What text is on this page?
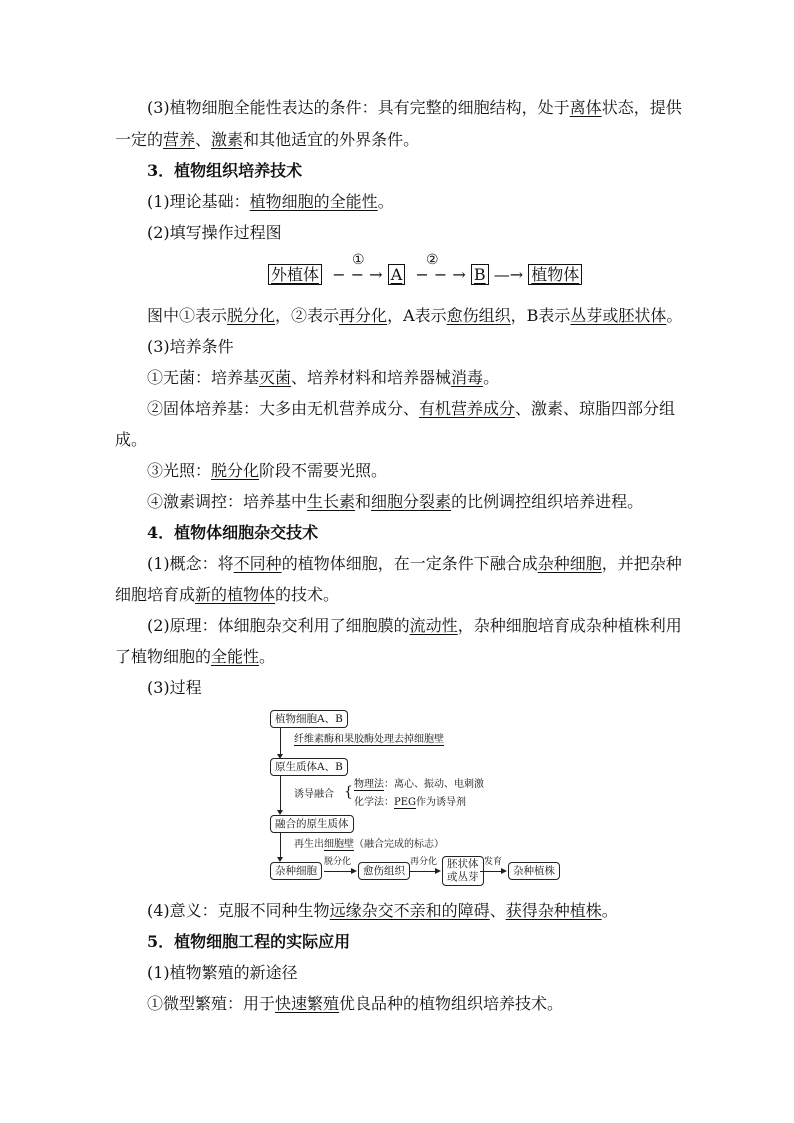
(3)植物细胞全能性表达的条件：具有完整的细胞结构，处于离体状态，提供
一定的营养、激素和其他适宜的外界条件。
3．植物组织培养技术
(1)理论基础：植物细胞的全能性。
(2)填写操作过程图
①	②
外植体  − − → A  − − → B —→ 植物体
图中①表示脱分化，②表示再分化，A表示愈伤组织，B表示丛芽或胚状体。
(3)培养条件
①无菌：培养基灭菌、培养材料和培养器械消毒。
②固体培养基：大多由无机营养成分、有机营养成分、激素、琼脂四部分组
成。
③光照：脱分化阶段不需要光照。
④激素调控：培养基中生长素和细胞分裂素的比例调控组织培养进程。
4．植物体细胞杂交技术
(1)概念：将不同种的植物体细胞，在一定条件下融合成杂种细胞，并把杂种
细胞培育成新的植物体的技术。
(2)原理：体细胞杂交利用了细胞膜的流动性，杂种细胞培育成杂种植株利用
了植物细胞的全能性。
(3)过程
植物细胞A、B
纤维素酶和果胶酶处理去掉细胞壁
原生质体A、B
诱导融合 { 物理法：离心、振动、电刺激
化学法：PEG作为诱导剂
融合的原生质体
再生出细胞壁（融合完成的标志）
杂种细胞
脱分化
愈伤组织
再分化 胚状体
或丛芽
发育
杂种植株
(4)意义：克服不同种生物远缘杂交不亲和的障碍、获得杂种植株。
5．植物细胞工程的实际应用
(1)植物繁殖的新途径
①微型繁殖：用于快速繁殖优良品种的植物组织培养技术。
